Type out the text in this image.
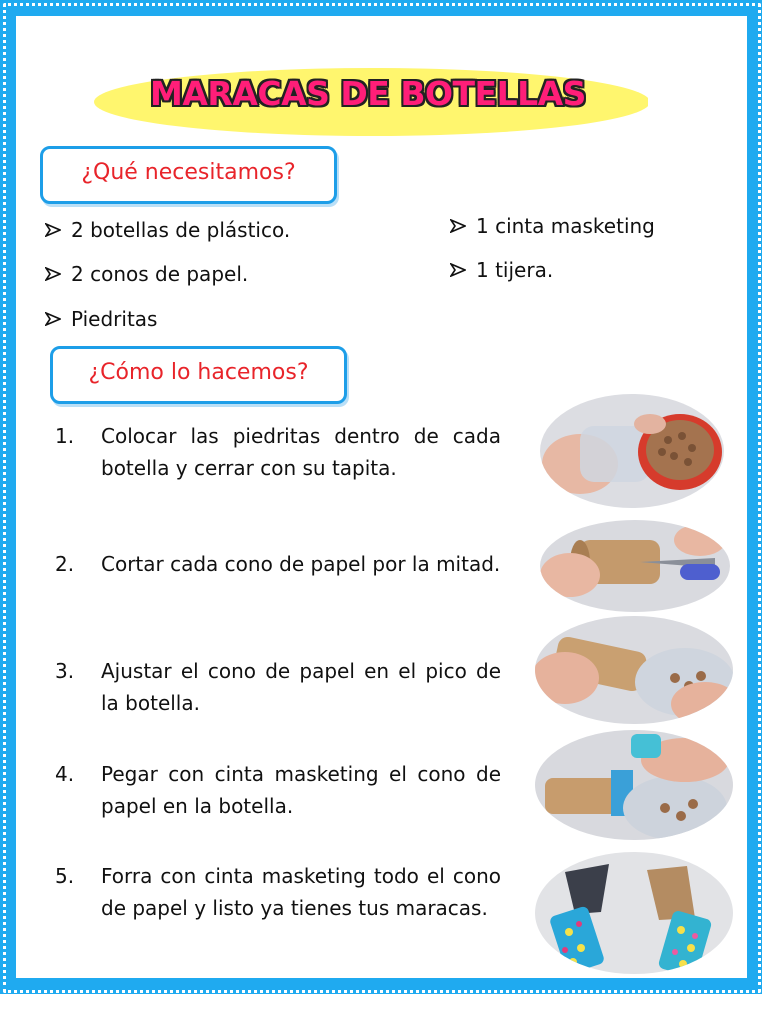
MARACAS DE BOTELLAS
¿Qué necesitamos?
2 botellas de plástico.
2 conos de papel.
Piedritas
1 cinta masketing
1 tijera.
¿Cómo lo hacemos?
1.	Colocar las piedritas dentro de cada botella y cerrar con su tapita.
2.	Cortar cada cono de papel por la mitad.
3.	Ajustar el cono de papel en el pico de la botella.
4.	Pegar con cinta masketing el cono de papel en la botella.
5.	Forra con cinta masketing todo el cono de papel y listo ya tienes tus maracas.
